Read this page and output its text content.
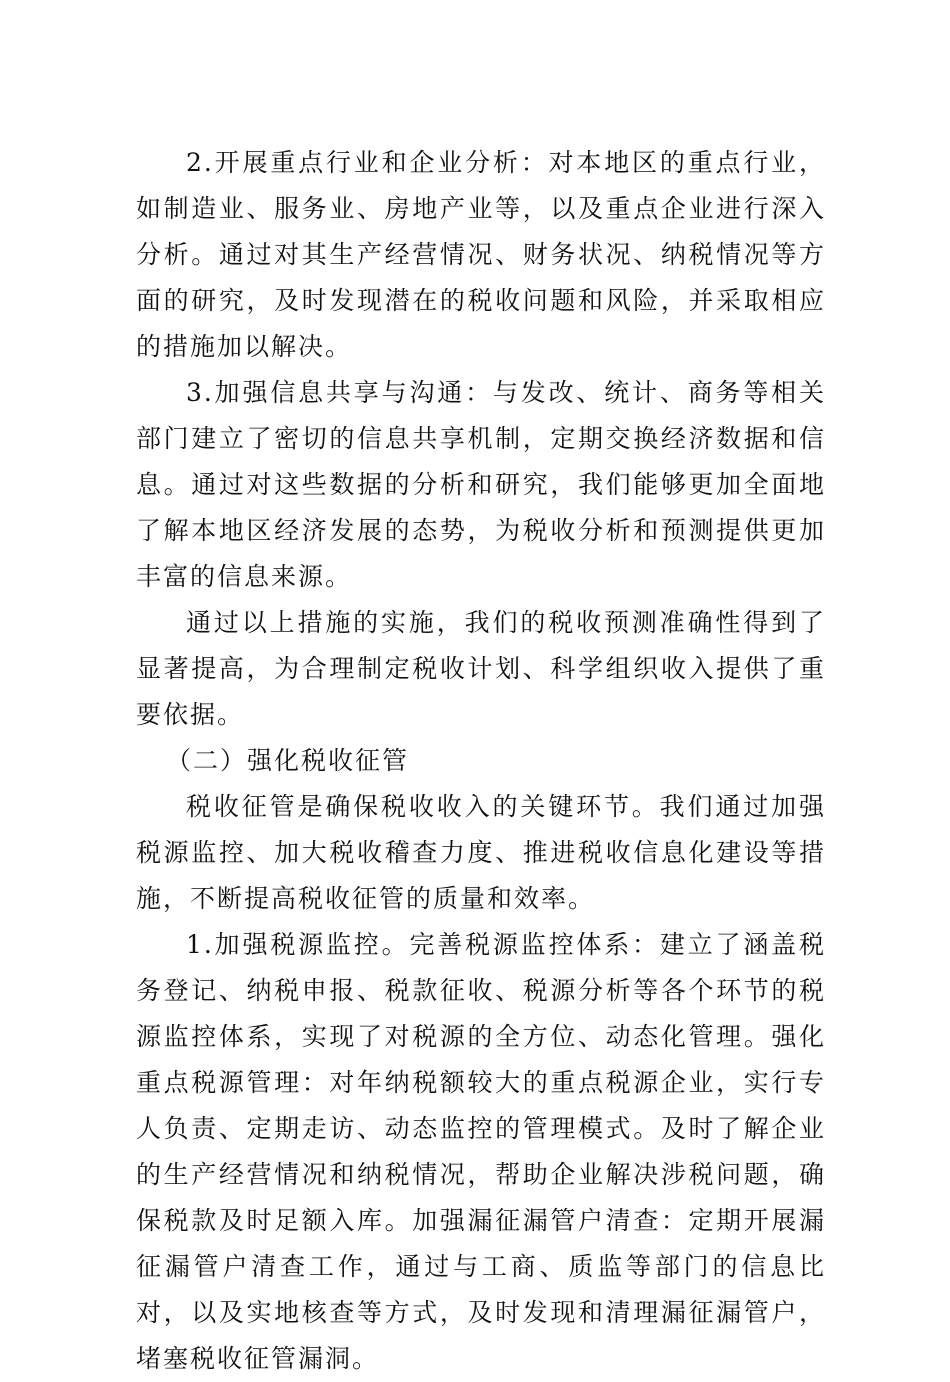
2.开展重点行业和企业分析：对本地区的重点行业，如制造业、服务业、房地产业等，以及重点企业进行深入分析。通过对其生产经营情况、财务状况、纳税情况等方面的研究，及时发现潜在的税收问题和风险，并采取相应的措施加以解决。

3.加强信息共享与沟通：与发改、统计、商务等相关部门建立了密切的信息共享机制，定期交换经济数据和信息。通过对这些数据的分析和研究，我们能够更加全面地了解本地区经济发展的态势，为税收分析和预测提供更加丰富的信息来源。

通过以上措施的实施，我们的税收预测准确性得到了显著提高，为合理制定税收计划、科学组织收入提供了重要依据。

（二）强化税收征管

税收征管是确保税收收入的关键环节。我们通过加强税源监控、加大税收稽查力度、推进税收信息化建设等措施，不断提高税收征管的质量和效率。

1.加强税源监控。完善税源监控体系：建立了涵盖税务登记、纳税申报、税款征收、税源分析等各个环节的税源监控体系，实现了对税源的全方位、动态化管理。强化重点税源管理：对年纳税额较大的重点税源企业，实行专人负责、定期走访、动态监控的管理模式。及时了解企业的生产经营情况和纳税情况，帮助企业解决涉税问题，确保税款及时足额入库。加强漏征漏管户清查：定期开展漏征漏管户清查工作，通过与工商、质监等部门的信息比对，以及实地核查等方式，及时发现和清理漏征漏管户，堵塞税收征管漏洞。
